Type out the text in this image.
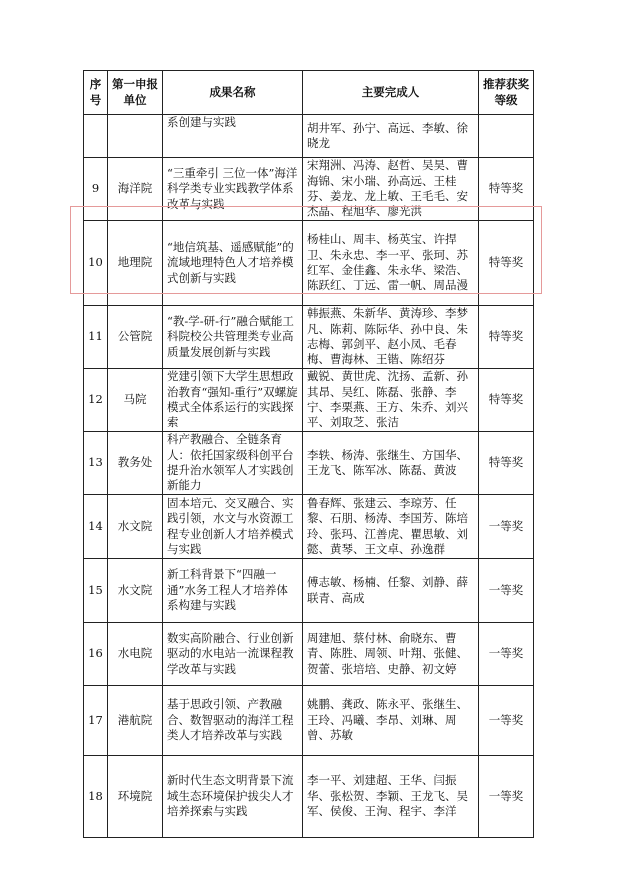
序号	第一申报单位	成果名称	主要完成人	推荐获奖等级
		系创建与实践	胡井军、孙宁、高远、李敏、徐晓龙	
9	海洋院	“三重牵引 三位一体”海洋科学类专业实践教学体系改革与实践	宋翔洲、冯涛、赵哲、吴昊、曹海锦、宋小瑞、孙高远、王桂芬、姜龙、龙上敏、王毛毛、安杰晶、程旭华、廖光洪	特等奖
10	地理院	“地信筑基、遥感赋能”的流域地理特色人才培养模式创新与实践	杨桂山、周丰、杨英宝、许捍卫、朱永忠、李一平、张珂、苏红军、金佳鑫、朱永华、梁浩、陈跃红、丁远、雷一帆、周品漫	特等奖
11	公管院	“教-学-研-行”融合赋能工科院校公共管理类专业高质量发展创新与实践	韩振燕、朱新华、黄涛珍、李梦凡、陈莉、陈际华、孙中良、朱志梅、郭剑平、赵小凤、毛春梅、曹海林、王锴、陈绍芬	特等奖
12	马院	党建引领下大学生思想政治教育“强知-重行”双螺旋模式全体系运行的实践探索	戴锐、黄世虎、沈扬、孟新、孙其昂、吴红、陈磊、张静、李宁、李栗燕、王方、朱乔、刘兴平、刘取芝、张洁	特等奖
13	教务处	科产教融合、全链条育人：依托国家级科创平台提升治水领军人才实践创新能力	李轶、杨涛、张继生、方国华、王龙飞、陈军冰、陈磊、黄波	特等奖
14	水文院	固本培元、交叉融合、实践引领，水文与水资源工程专业创新人才培养模式与实践	鲁春辉、张建云、李琼芳、任黎、石朋、杨涛、李国芳、陈培玲、张玛、江善虎、瞿思敏、刘懿、黄琴、王文卓、孙逸群	一等奖
15	水文院	新工科背景下“四融一通”水务工程人才培养体系构建与实践	傅志敏、杨楠、任黎、刘静、薛联青、高成	一等奖
16	水电院	数实高阶融合、行业创新驱动的水电站一流课程教学改革与实践	周建旭、蔡付林、俞晓东、曹青、陈胜、周领、叶翔、张健、贺蕾、张培培、史静、初文婷	一等奖
17	港航院	基于思政引领、产教融合、数智驱动的海洋工程类人才培养改革与实践	姚鹏、龚政、陈永平、张继生、王玲、冯曦、李昂、刘琳、周曾、苏敏	一等奖
18	环境院	新时代生态文明背景下流域生态环境保护拔尖人才培养探索与实践	李一平、刘建超、王华、闫振华、张松贺、李颖、王龙飞、吴军、侯俊、王洵、程宇、李洋	一等奖
